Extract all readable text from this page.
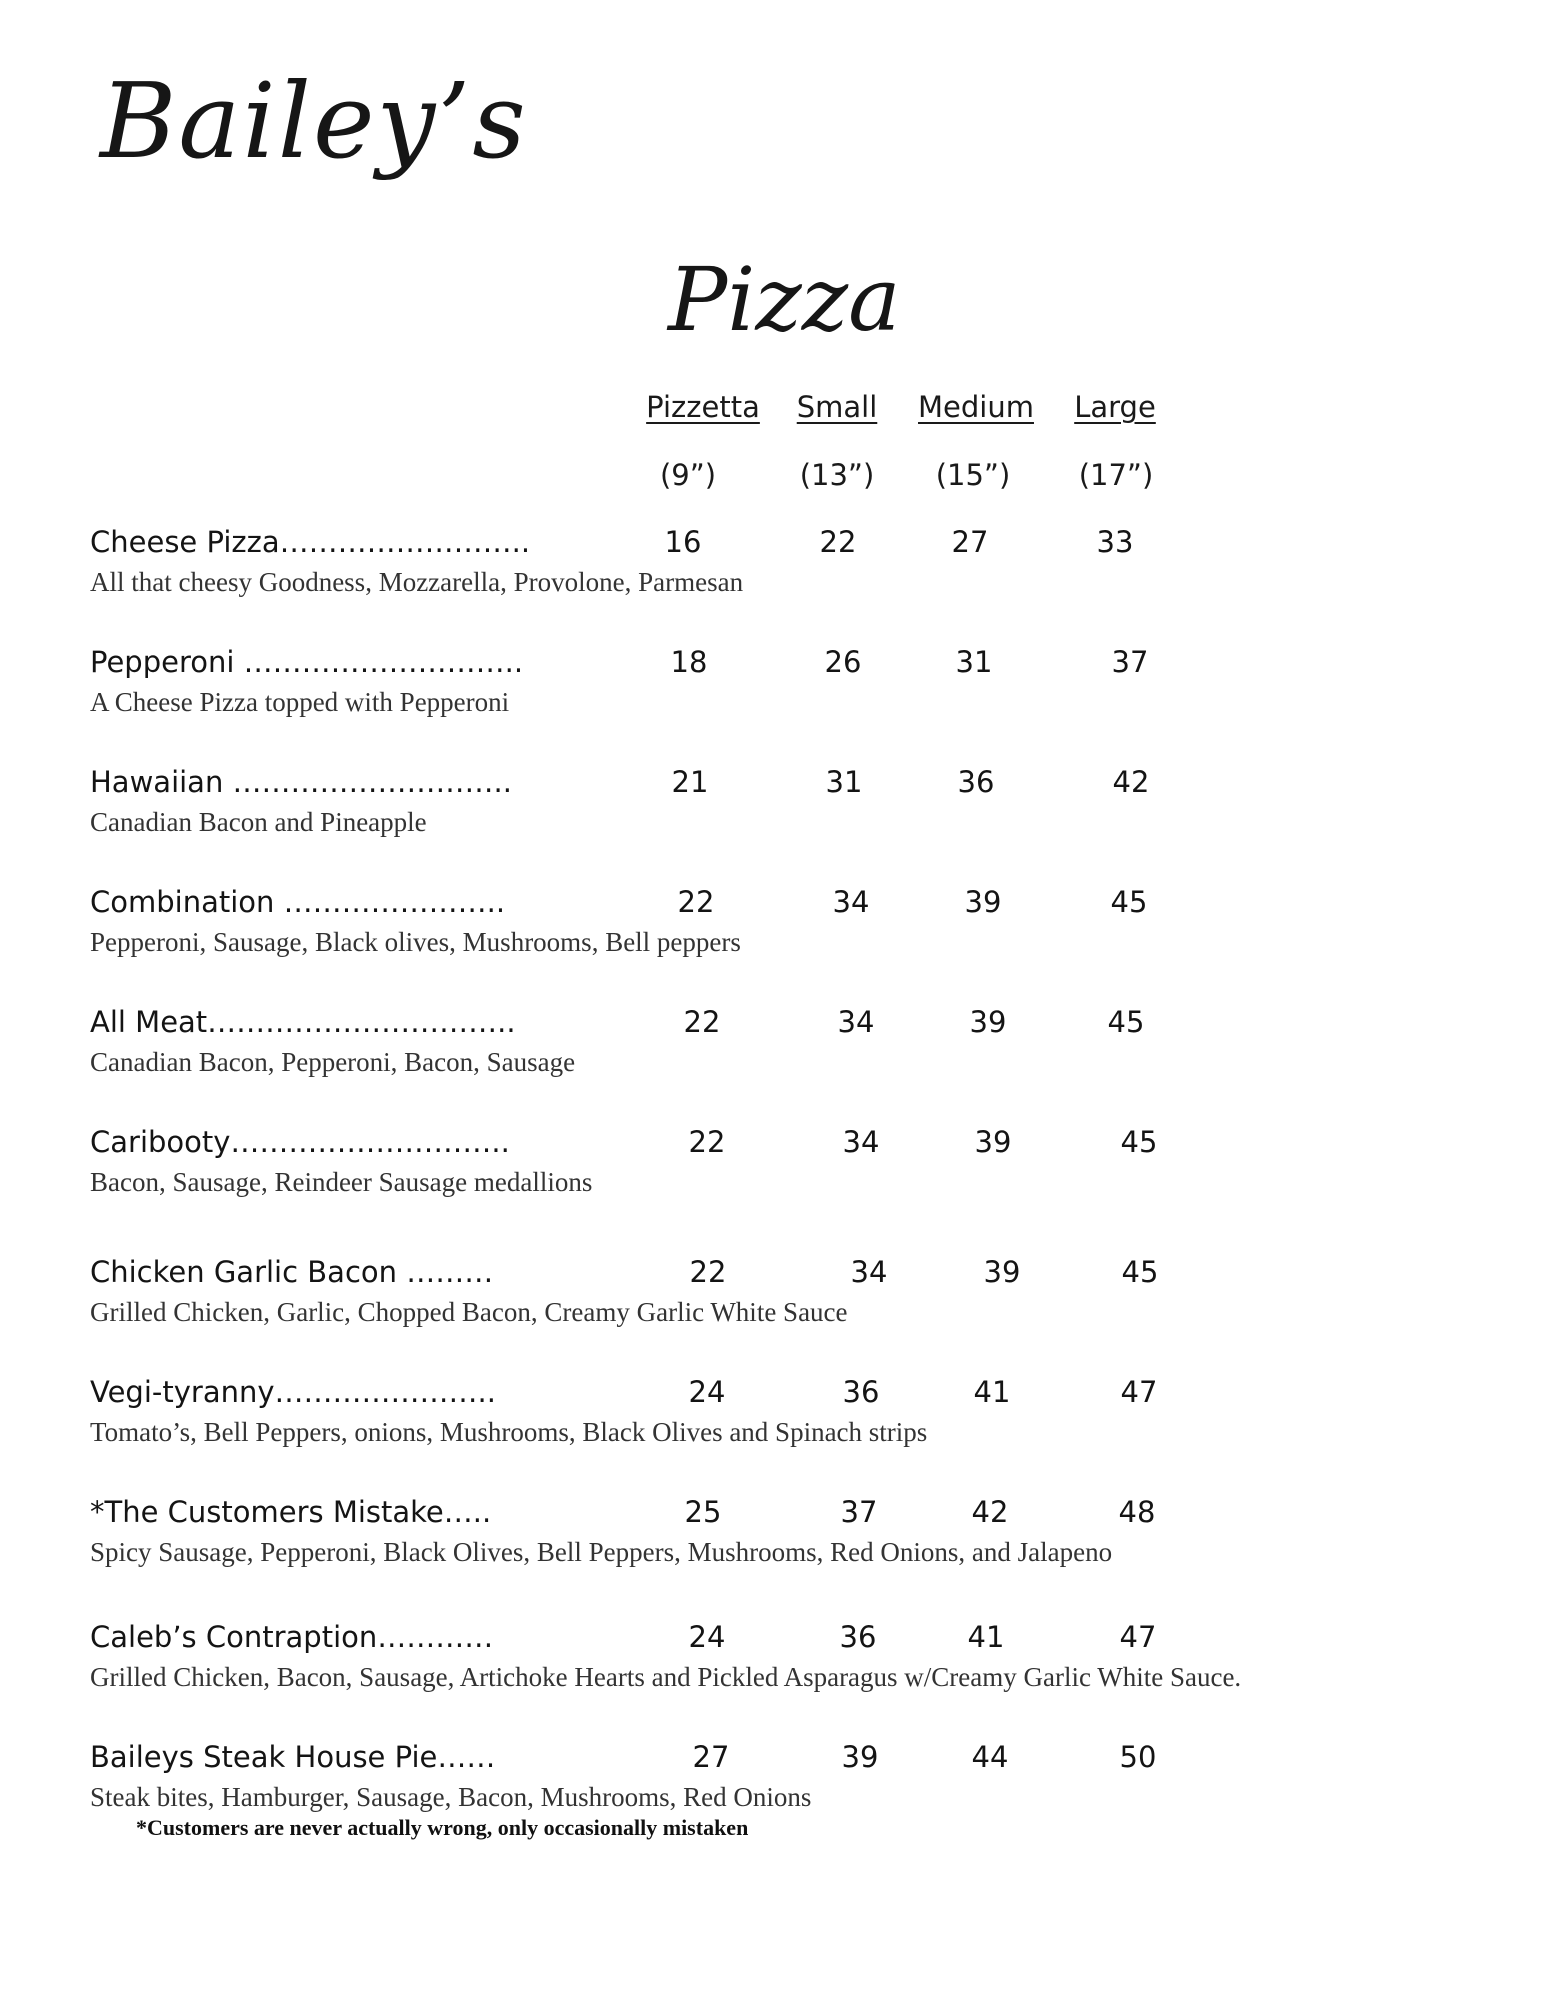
Bailey’s
Pizza
Pizzetta Small Medium Large
(9”)	(13”) (15”) (17”)
Cheese Pizza……………………..	16	22	27	33
All that cheesy Goodness, Mozzarella, Provolone, Parmesan
Pepperoni ………………………..	18	26	31	37
A Cheese Pizza topped with Pepperoni
Hawaiian ………………………..	21	31	36	42
Canadian Bacon and Pineapple
Combination …………………..	22	34	39	45
Pepperoni, Sausage, Black olives, Mushrooms, Bell peppers
All Meat…………………………..	22	34	39	45
Canadian Bacon, Pepperoni, Bacon, Sausage
Caribooty………………………..	22	34	39	45
Bacon, Sausage, Reindeer Sausage medallions
Chicken Garlic Bacon ………	22	34	39	45
Grilled Chicken, Garlic, Chopped Bacon, Creamy Garlic White Sauce
Vegi-tyranny…………………..	24	36	41	47
Tomato’s, Bell Peppers, onions, Mushrooms, Black Olives and Spinach strips
*The Customers Mistake…..	25	37	42	48
Spicy Sausage, Pepperoni, Black Olives, Bell Peppers, Mushrooms, Red Onions, and Jalapeno
Caleb’s Contraption…………	24	36	41	47
Grilled Chicken, Bacon, Sausage, Artichoke Hearts and Pickled Asparagus w/Creamy Garlic White Sauce.
Baileys Steak House Pie……	27	39	44	50
Steak bites, Hamburger, Sausage, Bacon, Mushrooms, Red Onions
*Customers are never actually wrong, only occasionally mistaken
